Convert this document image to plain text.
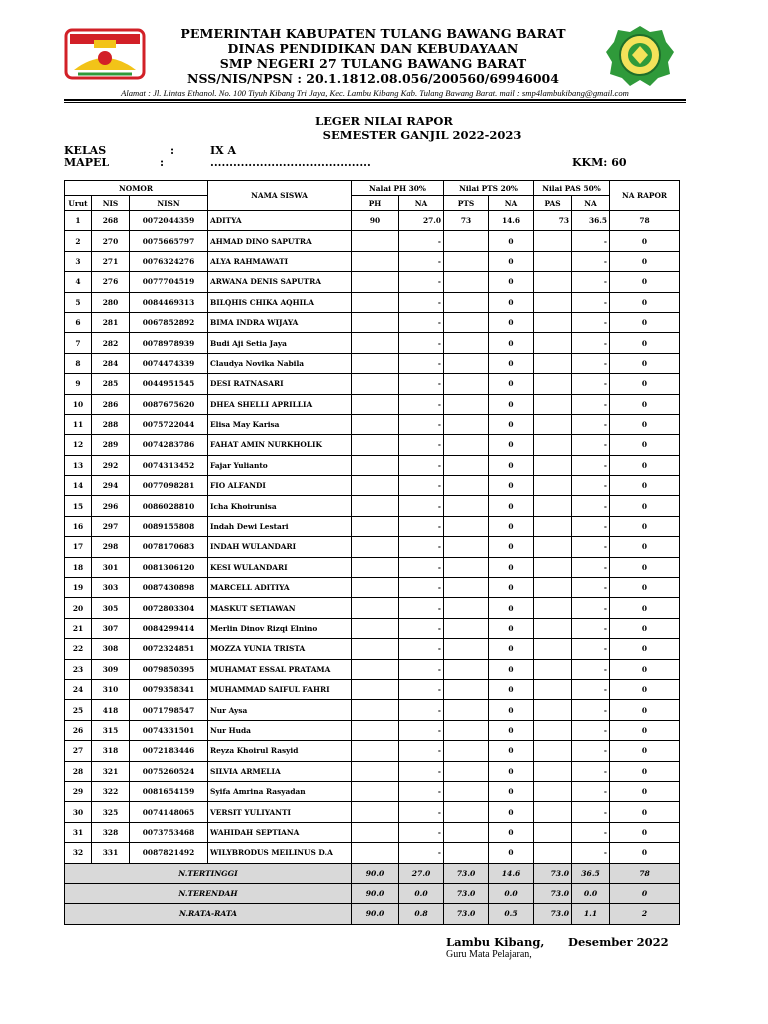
PEMERINTAH KABUPATEN TULANG BAWANG BARAT
DINAS PENDIDIKAN DAN KEBUDAYAAN
SMP NEGERI 27 TULANG BAWANG BARAT
NSS/NIS/NPSN : 20.1.1812.08.056/200560/69946004
Alamat : Jl. Lintas Ethanol. No. 100 Tiyuh Kibang Tri Jaya, Kec. Lambu Kibang Kab. Tulang Bawang Barat. mail : smp4lambukibang@gmail.com
LEGER NILAI RAPOR
SEMESTER GANJIL 2022-2023
KELAS	:	IX A
MAPEL	:	..........................................	KKM: 60
NOMOR			NAMA SISWA	Nalai PH 30%		Nilai PTS 20%		Nilai PAS 50%		NA RAPOR
Urut	NIS	NISN		PH	NA	PTS	NA	PAS	NA	
1	268	0072044359	ADITYA	90	27.0	73	14.6	73	36.5	78
2	270	0075665797	AHMAD DINO SAPUTRA		-		0		-	0
3	271	0076324276	ALYA RAHMAWATI		-		0		-	0
4	276	0077704519	ARWANA DENIS SAPUTRA		-		0		-	0
5	280	0084469313	BILQHIS CHIKA AQHILA		-		0		-	0
6	281	0067852892	BIMA INDRA WIJAYA		-		0		-	0
7	282	0078978939	Budi Aji Setia Jaya		-		0		-	0
8	284	0074474339	Claudya Novika Nabila		-		0		-	0
9	285	0044951545	DESI RATNASARI		-		0		-	0
10	286	0087675620	DHEA SHELLI APRILLIA		-		0		-	0
11	288	0075722044	Elisa May Karisa		-		0		-	0
12	289	0074283786	FAHAT AMIN NURKHOLIK		-		0		-	0
13	292	0074313452	Fajar Yulianto		-		0		-	0
14	294	0077098281	FIO ALFANDI		-		0		-	0
15	296	0086028810	Icha Khoirunisa		-		0		-	0
16	297	0089155808	Indah Dewi Lestari		-		0		-	0
17	298	0078170683	INDAH WULANDARI		-		0		-	0
18	301	0081306120	KESI WULANDARI		-		0		-	0
19	303	0087430898	MARCELL ADITIYA		-		0		-	0
20	305	0072803304	MASKUT SETIAWAN		-		0		-	0
21	307	0084299414	Merlin Dinov Rizqi Elnino		-		0		-	0
22	308	0072324851	MOZZA YUNIA TRISTA		-		0		-	0
23	309	0079850395	MUHAMAT ESSAL PRATAMA		-		0		-	0
24	310	0079358341	MUHAMMAD SAIFUL FAHRI		-		0		-	0
25	418	0071798547	Nur Aysa		-		0		-	0
26	315	0074331501	Nur Huda		-		0		-	0
27	318	0072183446	Reyza Khoirul Rasyid		-		0		-	0
28	321	0075260524	SILVIA ARMELIA		-		0		-	0
29	322	0081654159	Syifa Amrina Rasyadan		-		0		-	0
30	325	0074148065	VERSIT YULIYANTI		-		0		-	0
31	328	0073753468	WAHIDAH SEPTIANA		-		0		-	0
32	331	0087821492	WILYBRODUS MEILINUS D.A		-		0		-	0
N.TERTINGGI				90.0	27.0	73.0	14.6	73.0	36.5	78
N.TERENDAH				90.0	0.0	73.0	0.0	73.0	0.0	0
N.RATA-RATA				90.0	0.8	73.0	0.5	73.0	1.1	2
Lambu Kibang, Desember 2022
Guru Mata Pelajaran,
